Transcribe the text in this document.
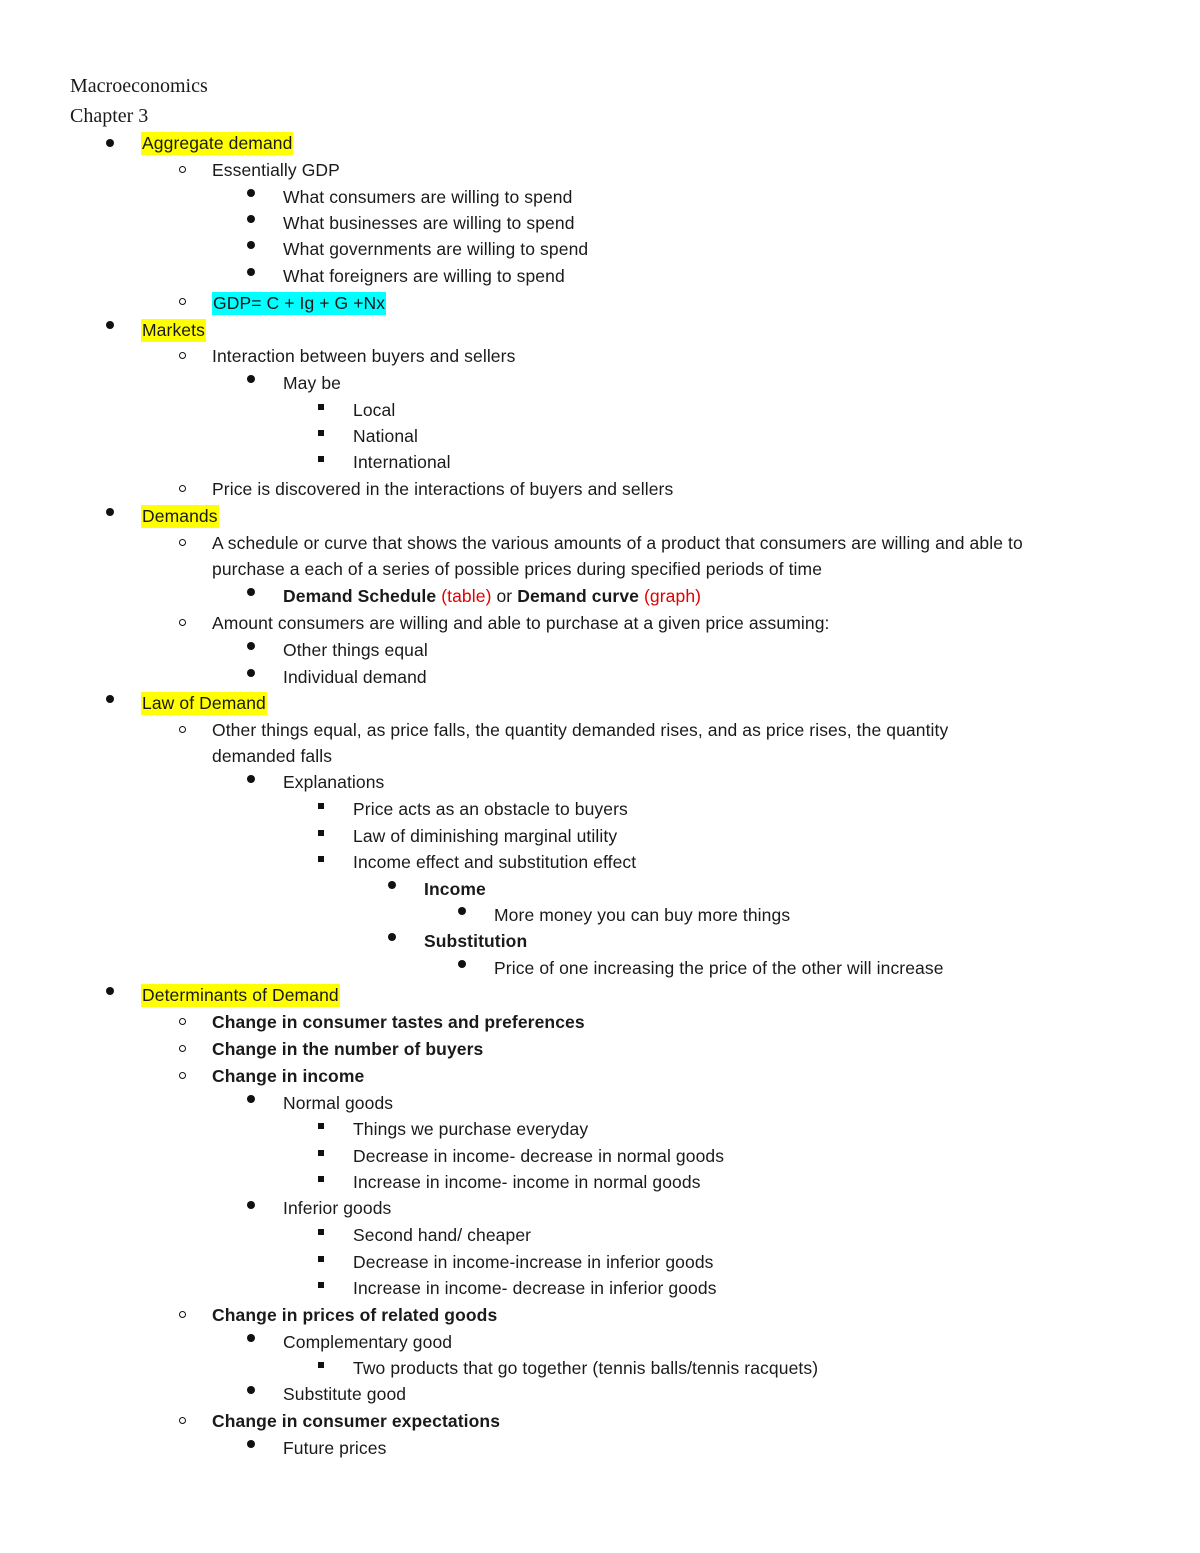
Macroeconomics
Chapter 3
Aggregate demand
Essentially GDP
What consumers are willing to spend
What businesses are willing to spend
What governments are willing to spend
What foreigners are willing to spend
GDP= C + Ig + G +Nx
Markets
Interaction between buyers and sellers
May be
Local
National
International
Price is discovered in the interactions of buyers and sellers
Demands
A schedule or curve that shows the various amounts of a product that consumers are willing and able to
purchase a each of a series of possible prices during specified periods of time
Demand Schedule (table) or Demand curve (graph)
Amount consumers are willing and able to purchase at a given price assuming:
Other things equal
Individual demand
Law of Demand
Other things equal, as price falls, the quantity demanded rises, and as price rises, the quantity
demanded falls
Explanations
Price acts as an obstacle to buyers
Law of diminishing marginal utility
Income effect and substitution effect
Income
More money you can buy more things
Substitution
Price of one increasing the price of the other will increase
Determinants of Demand
Change in consumer tastes and preferences
Change in the number of buyers
Change in income
Normal goods
Things we purchase everyday
Decrease in income- decrease in normal goods
Increase in income- income in normal goods
Inferior goods
Second hand/ cheaper
Decrease in income-increase in inferior goods
Increase in income- decrease in inferior goods
Change in prices of related goods
Complementary good
Two products that go together (tennis balls/tennis racquets)
Substitute good
Change in consumer expectations
Future prices
